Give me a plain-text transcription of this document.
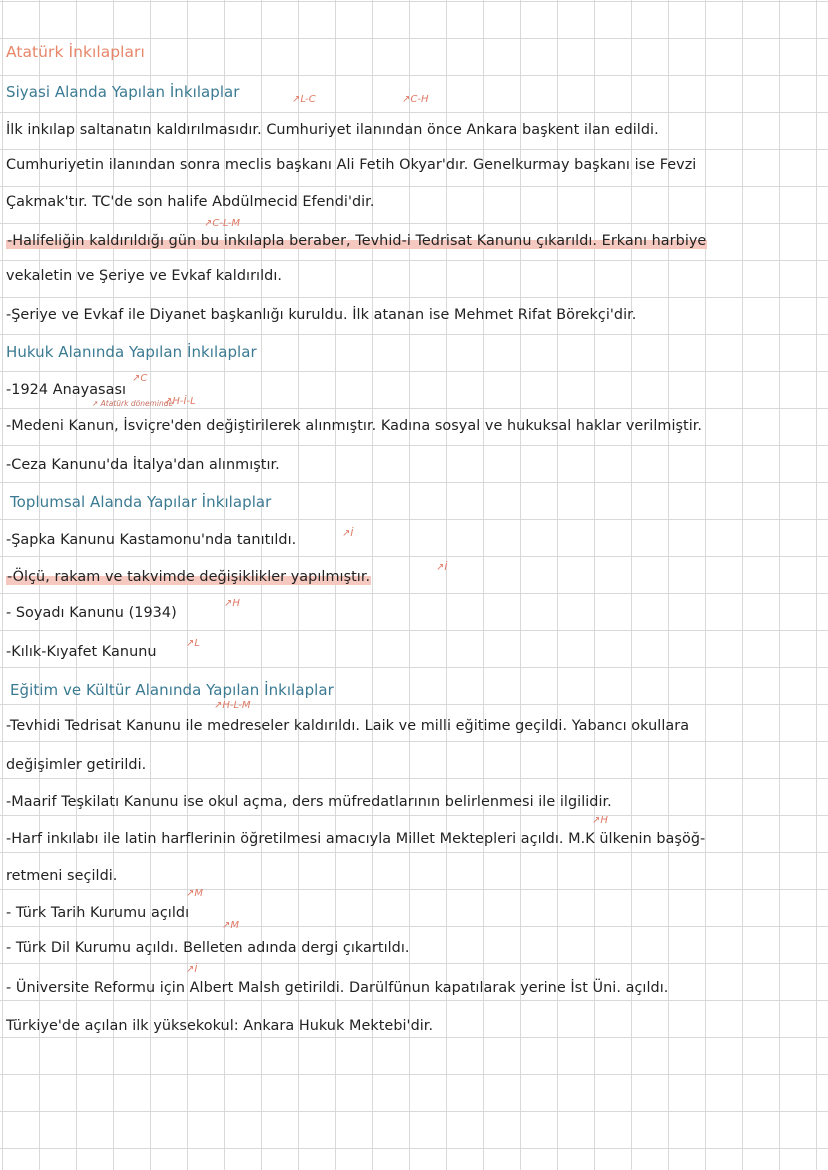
Atatürk İnkılapları
Siyasi Alanda Yapılan İnkılaplar	↗L-C	↗C-H
İlk inkılap saltanatın kaldırılmasıdır. Cumhuriyet ilanından önce Ankara başkent ilan edildi.
Cumhuriyetin ilanından sonra meclis başkanı Ali Fetih Okyar'dır. Genelkurmay başkanı ise Fevzi
Çakmak'tır. TC'de son halife Abdülmecid Efendi'dir.
↗C-L-M
-Halifeliğin kaldırıldığı gün bu inkılapla beraber, Tevhid-i Tedrisat Kanunu çıkarıldı. Erkanı harbiye
vekaletin ve Şeriye ve Evkaf kaldırıldı.
-Şeriye ve Evkaf ile Diyanet başkanlığı kuruldu. İlk atanan ise Mehmet Rifat Börekçi'dir.
Hukuk Alanında Yapılan İnkılaplar
↗C
-1924 Anayasası
↗ Atatürk döneminde
↗H-İ-L
-Medeni Kanun, İsviçre'den değiştirilerek alınmıştır. Kadına sosyal ve hukuksal haklar verilmiştir.
-Ceza Kanunu'da İtalya'dan alınmıştır.
Toplumsal Alanda Yapılar İnkılaplar
↗İ
-Şapka Kanunu Kastamonu'nda tanıtıldı.
↗İ
-Ölçü, rakam ve takvimde değişiklikler yapılmıştır.
↗H
- Soyadı Kanunu (1934)
↗L
-Kılık-Kıyafet Kanunu
Eğitim ve Kültür Alanında Yapılan İnkılaplar
↗H-L-M
-Tevhidi Tedrisat Kanunu ile medreseler kaldırıldı. Laik ve milli eğitime geçildi. Yabancı okullara
değişimler getirildi.
-Maarif Teşkilatı Kanunu ise okul açma, ders müfredatlarının belirlenmesi ile ilgilidir.
↗H
-Harf inkılabı ile latin harflerinin öğretilmesi amacıyla Millet Mektepleri açıldı. M.K ülkenin başöğ-
retmeni seçildi.
↗M
- Türk Tarih Kurumu açıldı
↗M
- Türk Dil Kurumu açıldı. Belleten adında dergi çıkartıldı.
↗İ
- Üniversite Reformu için Albert Malsh getirildi. Darülfünun kapatılarak yerine İst Üni. açıldı.
Türkiye'de açılan ilk yüksekokul: Ankara Hukuk Mektebi'dir.
